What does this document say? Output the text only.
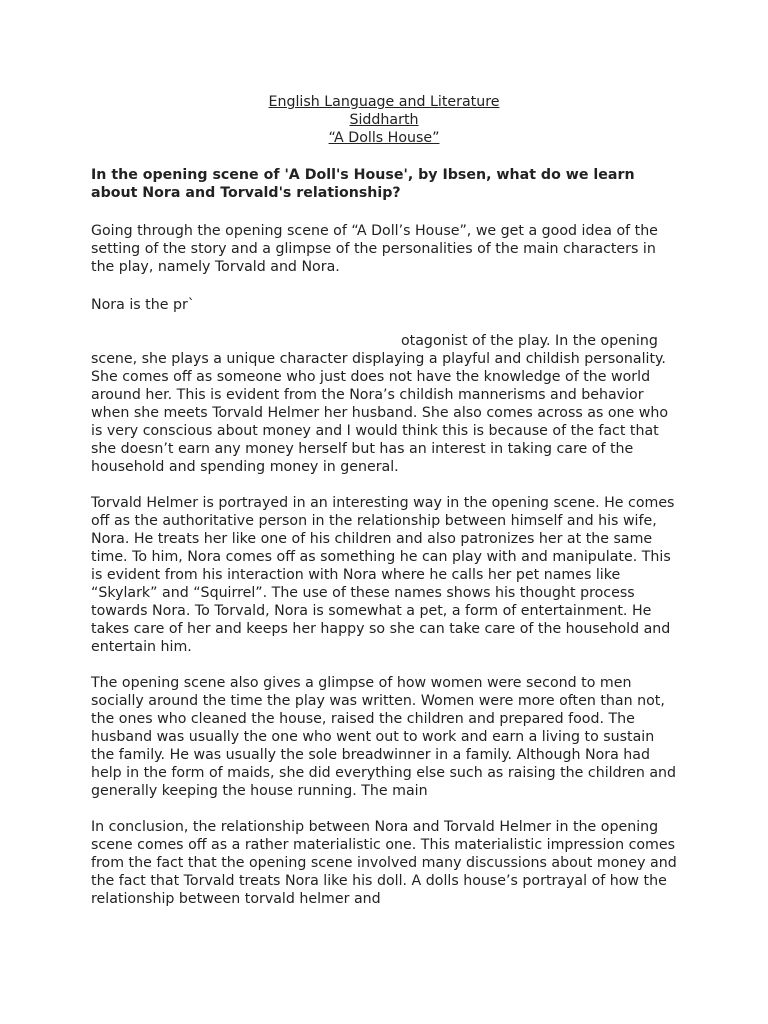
English Language and Literature
Siddharth
“A Dolls House”
In the opening scene of 'A Doll's House', by Ibsen, what do we learn about Nora and Torvald's relationship?

Going through the opening scene of “A Doll’s House”, we get a good idea of the setting of the story and a glimpse of the personalities of the main characters in the play, namely Torvald and Nora.

Nora is the pr`

otagonist of the play. In the opening scene, she plays a unique character displaying a playful and childish personality. She comes off as someone who just does not have the knowledge of the world around her. This is evident from the Nora’s childish mannerisms and behavior when she meets Torvald Helmer her husband. She also comes across as one who is very conscious about money and I would think this is because of the fact that she doesn’t earn any money herself but has an interest in taking care of the household and spending money in general.

Torvald Helmer is portrayed in an interesting way in the opening scene. He comes off as the authoritative person in the relationship between himself and his wife, Nora. He treats her like one of his children and also patronizes her at the same time. To him, Nora comes off as something he can play with and manipulate. This is evident from his interaction with Nora where he calls her pet names like “Skylark” and “Squirrel”. The use of these names shows his thought process towards Nora. To Torvald, Nora is somewhat a pet, a form of entertainment. He takes care of her and keeps her happy so she can take care of the household and entertain him.

The opening scene also gives a glimpse of how women were second to men socially around the time the play was written. Women were more often than not, the ones who cleaned the house, raised the children and prepared food. The husband was usually the one who went out to work and earn a living to sustain the family. He was usually the sole breadwinner in a family. Although Nora had help in the form of maids, she did everything else such as raising the children and generally keeping the house running. The main

In conclusion, the relationship between Nora and Torvald Helmer in the opening scene comes off as a rather materialistic one. This materialistic impression comes from the fact that the opening scene involved many discussions about money and the fact that Torvald treats Nora like his doll. A dolls house’s portrayal of how the relationship between torvald helmer and
